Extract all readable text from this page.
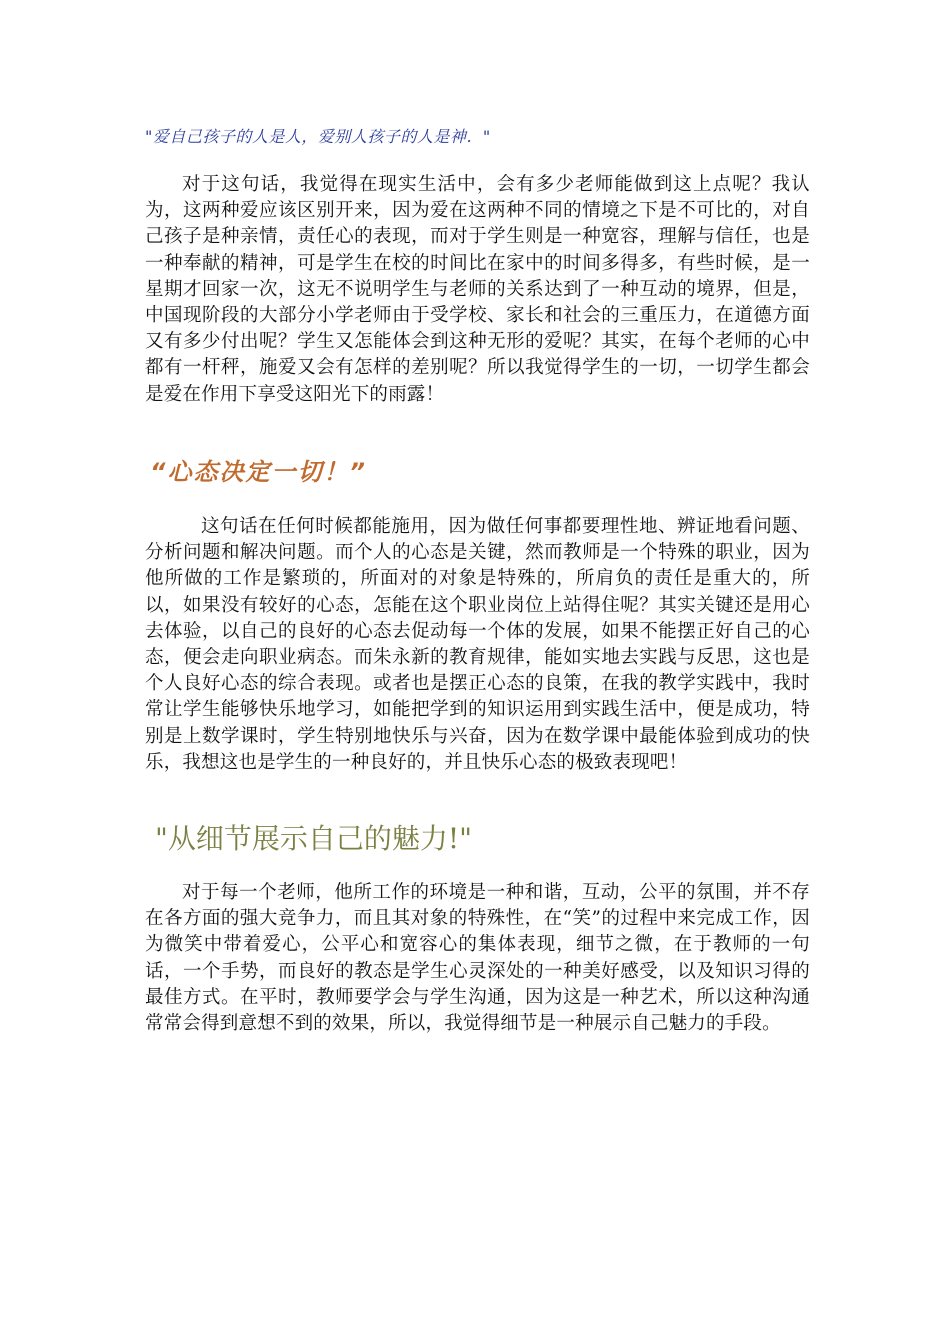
"爱自己孩子的人是人，爱别人孩子的人是神．"

对于这句话，我觉得在现实生活中，会有多少老师能做到这上点呢？我认为，这两种爱应该区别开来，因为爱在这两种不同的情境之下是不可比的，对自己孩子是种亲情，责任心的表现，而对于学生则是一种宽容，理解与信任，也是一种奉献的精神，可是学生在校的时间比在家中的时间多得多，有些时候，是一星期才回家一次，这无不说明学生与老师的关系达到了一种互动的境界，但是，中国现阶段的大部分小学老师由于受学校、家长和社会的三重压力，在道德方面又有多少付出呢？学生又怎能体会到这种无形的爱呢？其实，在每个老师的心中都有一杆秤，施爱又会有怎样的差别呢？所以我觉得学生的一切，一切学生都会是爱在作用下享受这阳光下的雨露！

“心态决定一切！”

这句话在任何时候都能施用，因为做任何事都要理性地、辨证地看问题、分析问题和解决问题。而个人的心态是关键，然而教师是一个特殊的职业，因为他所做的工作是繁琐的，所面对的对象是特殊的，所肩负的责任是重大的，所以，如果没有较好的心态，怎能在这个职业岗位上站得住呢？其实关键还是用心去体验，以自己的良好的心态去促动每一个体的发展，如果不能摆正好自己的心态，便会走向职业病态。而朱永新的教育规律，能如实地去实践与反思，这也是个人良好心态的综合表现。或者也是摆正心态的良策，在我的教学实践中，我时常让学生能够快乐地学习，如能把学到的知识运用到实践生活中，便是成功，特别是上数学课时，学生特别地快乐与兴奋，因为在数学课中最能体验到成功的快乐，我想这也是学生的一种良好的，并且快乐心态的极致表现吧！

"从细节展示自己的魅力!"

对于每一个老师，他所工作的环境是一种和谐，互动，公平的氛围，并不存在各方面的强大竞争力，而且其对象的特殊性，在“笑”的过程中来完成工作，因为微笑中带着爱心，公平心和宽容心的集体表现，细节之微，在于教师的一句话，一个手势，而良好的教态是学生心灵深处的一种美好感受，以及知识习得的最佳方式。在平时，教师要学会与学生沟通，因为这是一种艺术，所以这种沟通常常会得到意想不到的效果，所以，我觉得细节是一种展示自己魅力的手段。
